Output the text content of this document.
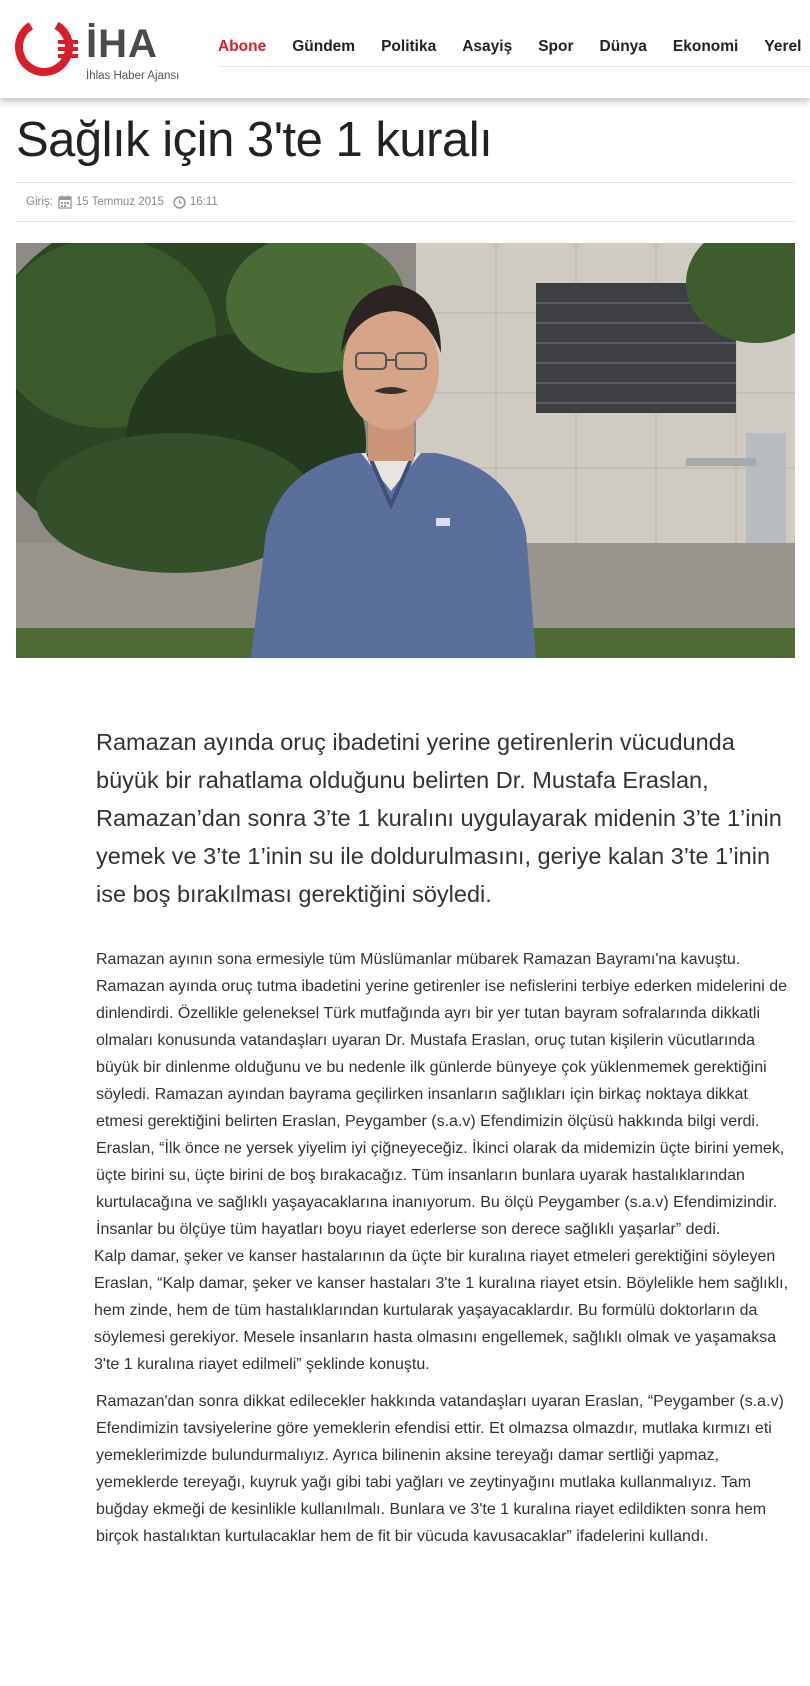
İHA
İhlas Haber Ajansı
Abone Gündem Politika Asayiş Spor Dünya Ekonomi Yerel
Sağlık için 3'te 1 kuralı
Giriş: 15 Temmuz 2015 16:11

Ramazan ayında oruç ibadetini yerine getirenlerin vücudunda büyük bir rahatlama olduğunu belirten Dr. Mustafa Eraslan, Ramazan’dan sonra 3’te 1 kuralını uygulayarak midenin 3’te 1’inin yemek ve 3’te 1’inin su ile doldurulmasını, geriye kalan 3’te 1’inin ise boş bırakılması gerektiğini söyledi.

Ramazan ayının sona ermesiyle tüm Müslümanlar mübarek Ramazan Bayramı'na kavuştu. Ramazan ayında oruç tutma ibadetini yerine getirenler ise nefislerini terbiye ederken midelerini de dinlendirdi. Özellikle geleneksel Türk mutfağında ayrı bir yer tutan bayram sofralarında dikkatli olmaları konusunda vatandaşları uyaran Dr. Mustafa Eraslan, oruç tutan kişilerin vücutlarında büyük bir dinlenme olduğunu ve bu nedenle ilk günlerde bünyeye çok yüklenmemek gerektiğini söyledi. Ramazan ayından bayrama geçilirken insanların sağlıkları için birkaç noktaya dikkat etmesi gerektiğini belirten Eraslan, Peygamber (s.a.v) Efendimizin ölçüsü hakkında bilgi verdi. Eraslan, “İlk önce ne yersek yiyelim iyi çiğneyeceğiz. İkinci olarak da midemizin üçte birini yemek, üçte birini su, üçte birini de boş bırakacağız. Tüm insanların bunlara uyarak hastalıklarından kurtulacağına ve sağlıklı yaşayacaklarına inanıyorum. Bu ölçü Peygamber (s.a.v) Efendimizindir. İnsanlar bu ölçüye tüm hayatları boyu riayet ederlerse son derece sağlıklı yaşarlar” dedi.

Kalp damar, şeker ve kanser hastalarının da üçte bir kuralına riayet etmeleri gerektiğini söyleyen Eraslan, “Kalp damar, şeker ve kanser hastaları 3'te 1 kuralına riayet etsin. Böylelikle hem sağlıklı, hem zinde, hem de tüm hastalıklarından kurtularak yaşayacaklardır. Bu formülü doktorların da söylemesi gerekiyor. Mesele insanların hasta olmasını engellemek, sağlıklı olmak ve yaşamaksa 3'te 1 kuralına riayet edilmeli” şeklinde konuştu.

Ramazan'dan sonra dikkat edilecekler hakkında vatandaşları uyaran Eraslan, “Peygamber (s.a.v) Efendimizin tavsiyelerine göre yemeklerin efendisi ettir. Et olmazsa olmazdır, mutlaka kırmızı eti yemeklerimizde bulundurmalıyız. Ayrıca bilinenin aksine tereyağı damar sertliği yapmaz, yemeklerde tereyağı, kuyruk yağı gibi tabi yağları ve zeytinyağını mutlaka kullanmalıyız. Tam buğday ekmeği de kesinlikle kullanılmalı. Bunlara ve 3'te 1 kuralına riayet edildikten sonra hem birçok hastalıktan kurtulacaklar hem de fit bir vücuda kavusacaklar” ifadelerini kullandı.
